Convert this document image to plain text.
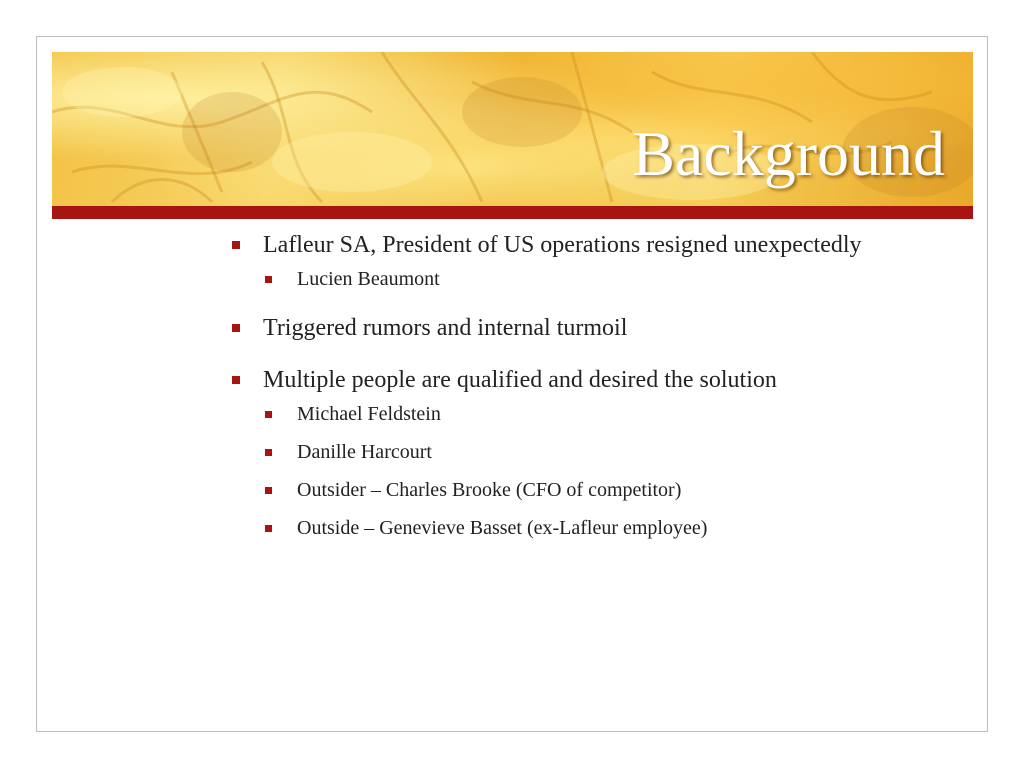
Background
Lafleur SA, President of US operations resigned unexpectedly
Lucien Beaumont
Triggered rumors and internal turmoil
Multiple people are qualified and desired the solution
Michael Feldstein
Danille Harcourt
Outsider – Charles Brooke (CFO of competitor)
Outside – Genevieve Basset (ex-Lafleur employee)
